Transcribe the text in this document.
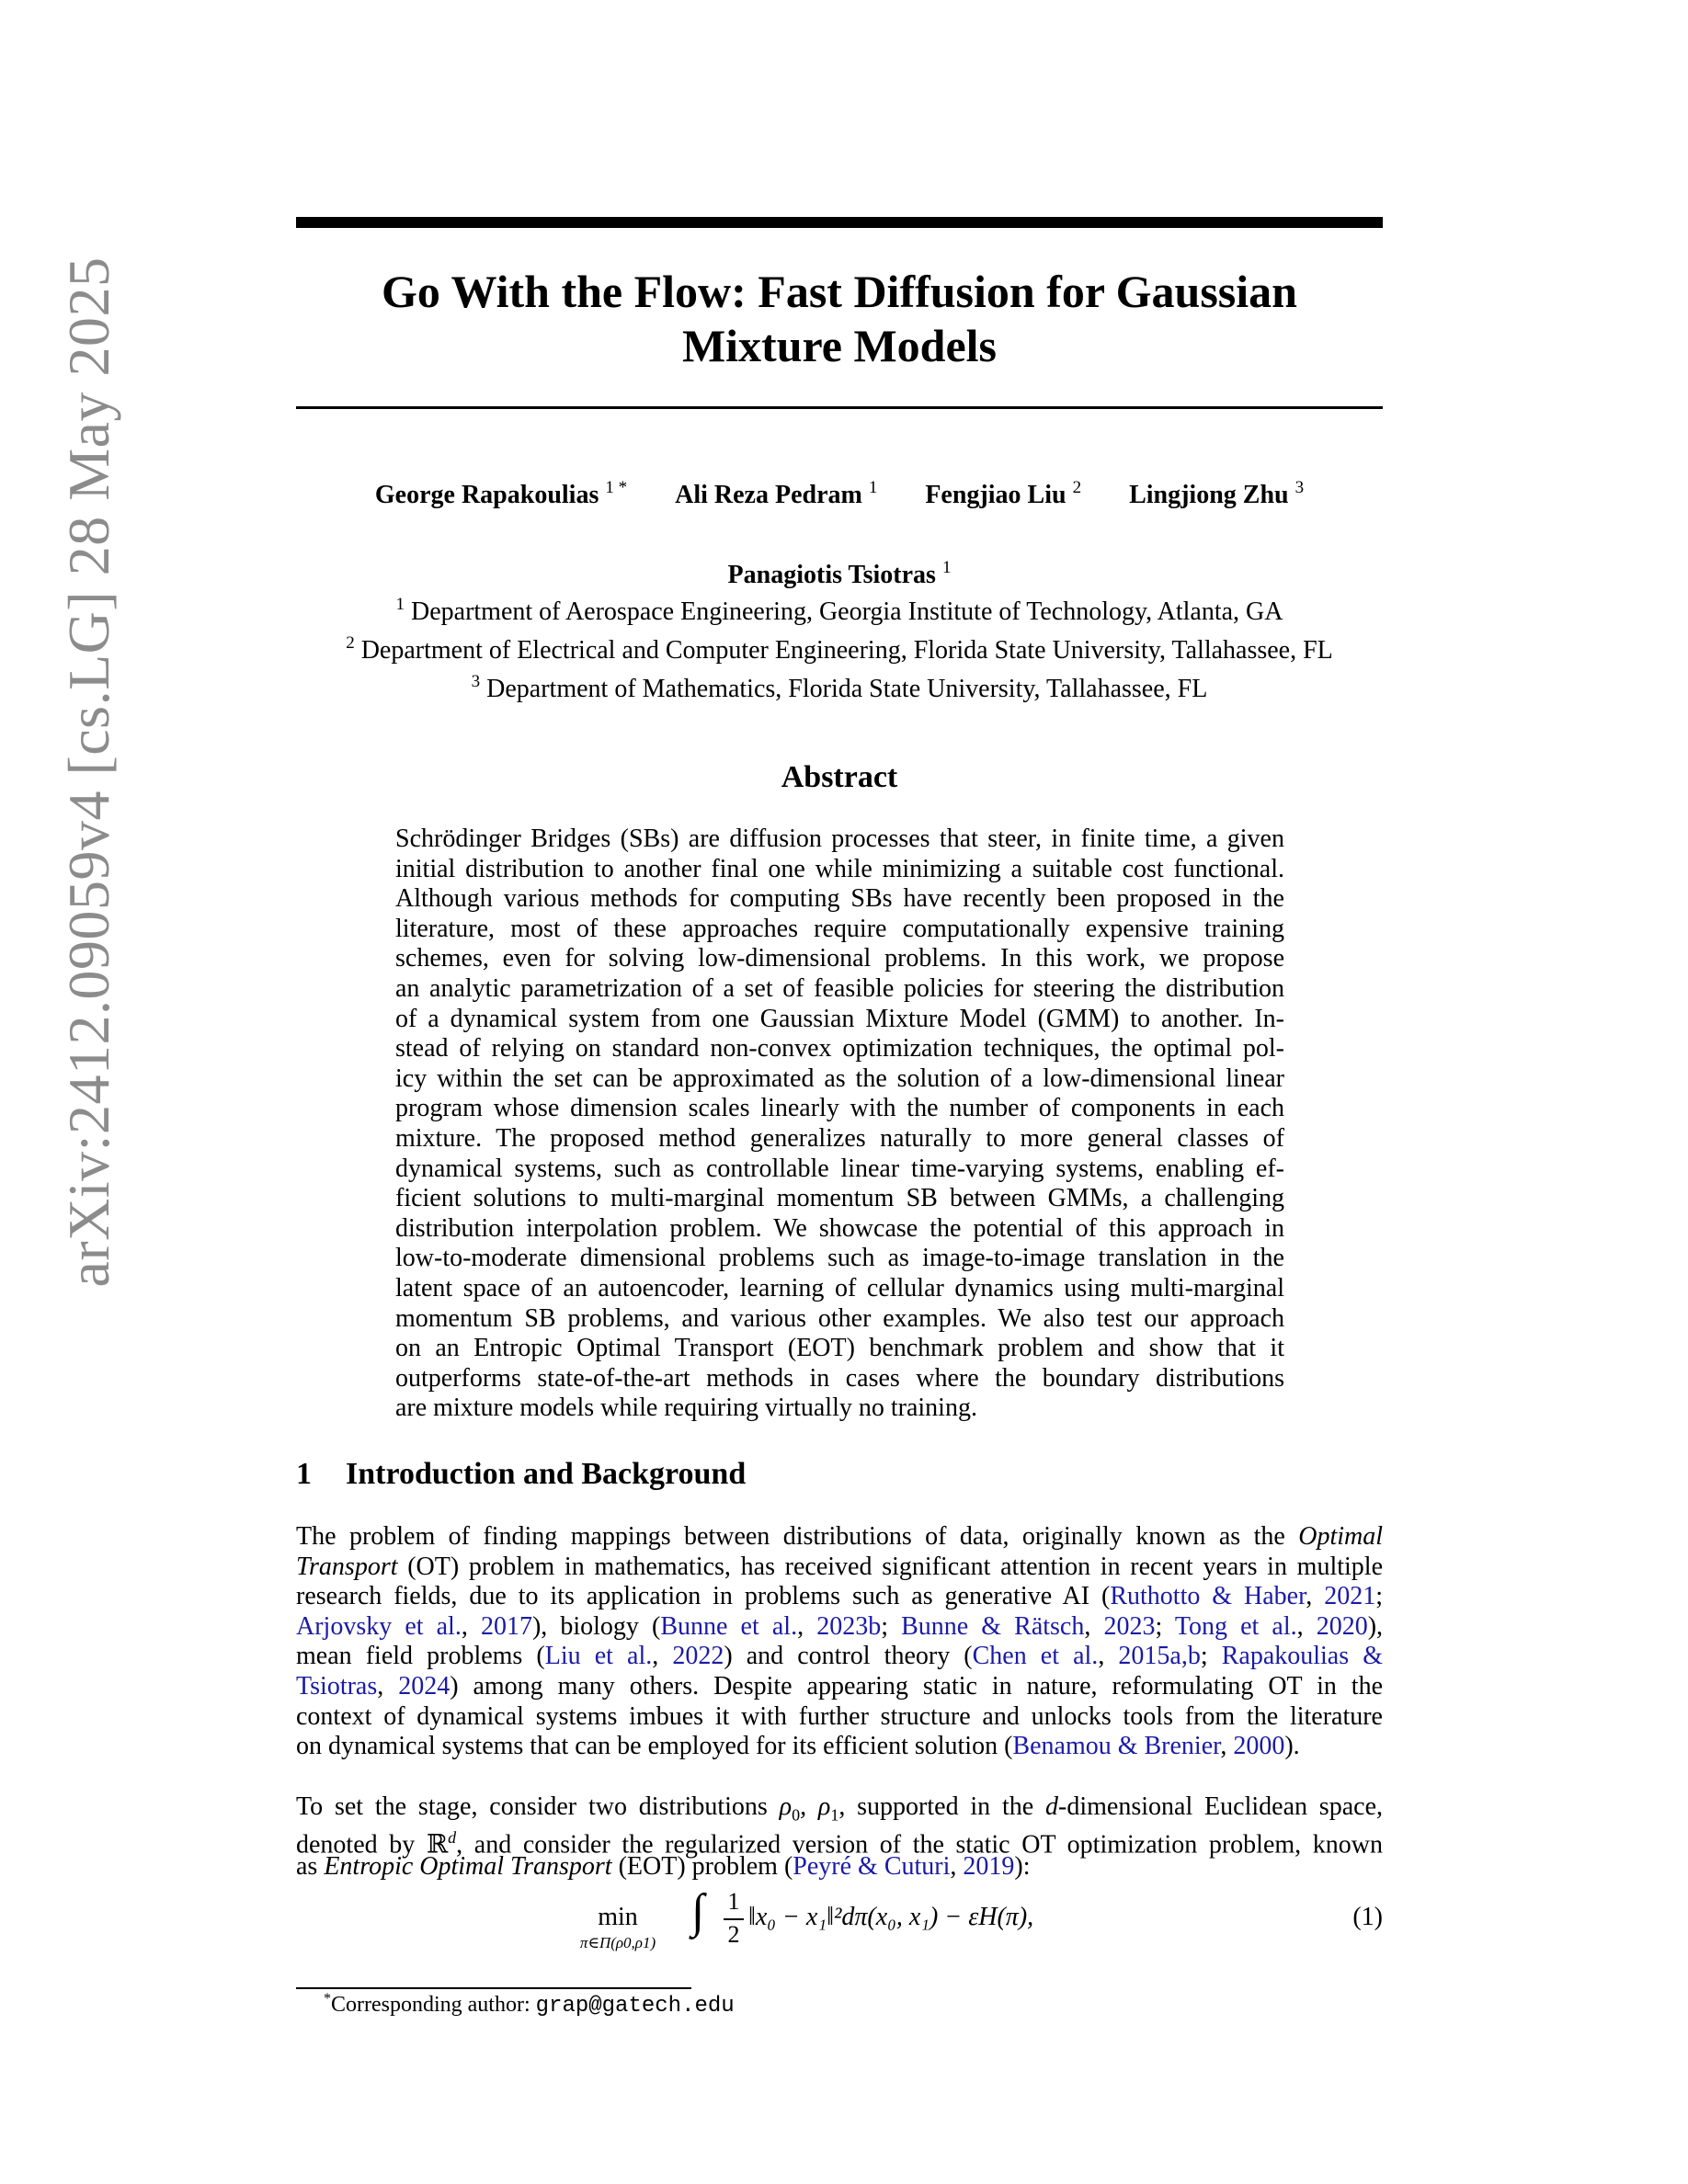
arXiv:2412.09059v4 [cs.LG] 28 May 2025	Go With the Flow: Fast Diffusion for Gaussian
Mixture Models
George Rapakoulias $^{1 *}$ Ali Reza Pedram $^1$ Fengjiao Liu $^2$ Lingjiong Zhu $^3$
Panagiotis Tsiotras $^1$
$^1$ Department of Aerospace Engineering, Georgia Institute of Technology, Atlanta, GA
$^2$ Department of Electrical and Computer Engineering, Florida State University, Tallahassee, FL
$^3$ Department of Mathematics, Florida State University, Tallahassee, FL
Abstract
Schrödinger Bridges (SBs) are diffusion processes that steer, in finite time, a given
initial distribution to another final one while minimizing a suitable cost functional.
Although various methods for computing SBs have recently been proposed in the
literature, most of these approaches require computationally expensive training
schemes, even for solving low-dimensional problems. In this work, we propose
an analytic parametrization of a set of feasible policies for steering the distribution
of a dynamical system from one Gaussian Mixture Model (GMM) to another. In-
stead of relying on standard non-convex optimization techniques, the optimal pol-
icy within the set can be approximated as the solution of a low-dimensional linear
program whose dimension scales linearly with the number of components in each
mixture. The proposed method generalizes naturally to more general classes of
dynamical systems, such as controllable linear time-varying systems, enabling ef-
ficient solutions to multi-marginal momentum SB between GMMs, a challenging
distribution interpolation problem. We showcase the potential of this approach in
low-to-moderate dimensional problems such as image-to-image translation in the
latent space of an autoencoder, learning of cellular dynamics using multi-marginal
momentum SB problems, and various other examples. We also test our approach
on an Entropic Optimal Transport (EOT) benchmark problem and show that it
outperforms state-of-the-art methods in cases where the boundary distributions
are mixture models while requiring virtually no training.
1 Introduction and Background
The problem of finding mappings between distributions of data, originally known as the Optimal
Transport (OT) problem in mathematics, has received significant attention in recent years in multiple
research fields, due to its application in problems such as generative AI (Ruthotto & Haber, 2021;
Arjovsky et al., 2017), biology (Bunne et al., 2023b; Bunne & Rätsch, 2023; Tong et al., 2020),
mean field problems (Liu et al., 2022) and control theory (Chen et al., 2015a,b; Rapakoulias &
Tsiotras, 2024) among many others. Despite appearing static in nature, reformulating OT in the
context of dynamical systems imbues it with further structure and unlocks tools from the literature
on dynamical systems that can be employed for its efficient solution (Benamou & Brenier, 2000).
To set the stage, consider two distributions $\rho_0$, $\rho_1$, supported in the d-dimensional Euclidean space,
denoted by ℝ$^d$, and consider the regularized version of the static OT optimization problem, known
as Entropic Optimal Transport (EOT) problem (Peyré & Cuturi, 2019):
min
π∈Π(ρ0,ρ1)
∫ 1
2
‖x₀ − x₁‖²dπ(x₀, x₁) − εH(π),	(1)
*Corresponding author: grap@gatech.edu
